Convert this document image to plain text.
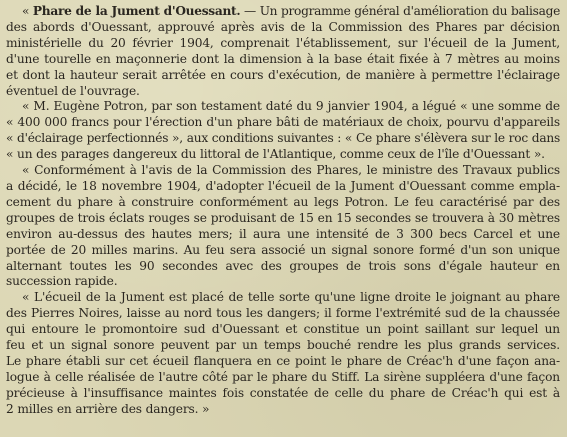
« Phare de la Jument d'Ouessant. — Un programme général d'amélioration du balisage
des abords d'Ouessant, approuvé après avis de la Commission des Phares par décision
ministérielle du 20 février 1904, comprenait l'établissement, sur l'écueil de la Jument,
d'une tourelle en maçonnerie dont la dimension à la base était fixée à 7 mètres au moins
et dont la hauteur serait arrêtée en cours d'exécution, de manière à permettre l'éclairage
éventuel de l'ouvrage.

« M. Eugène Potron, par son testament daté du 9 janvier 1904, a légué « une somme de
« 400 000 francs pour l'érection d'un phare bâti de matériaux de choix, pourvu d'appareils
« d'éclairage perfectionnés », aux conditions suivantes : « Ce phare s'élèvera sur le roc dans
« un des parages dangereux du littoral de l'Atlantique, comme ceux de l'île d'Ouessant ».

« Conformément à l'avis de la Commission des Phares, le ministre des Travaux publics
a décidé, le 18 novembre 1904, d'adopter l'écueil de la Jument d'Ouessant comme empla-
cement du phare à construire conformément au legs Potron. Le feu caractérisé par des
groupes de trois éclats rouges se produisant de 15 en 15 secondes se trouvera à 30 mètres
environ au-dessus des hautes mers; il aura une intensité de 3 300 becs Carcel et une
portée de 20 milles marins. Au feu sera associé un signal sonore formé d'un son unique
alternant toutes les 90 secondes avec des groupes de trois sons d'égale hauteur en
succession rapide.

« L'écueil de la Jument est placé de telle sorte qu'une ligne droite le joignant au phare
des Pierres Noires, laisse au nord tous les dangers; il forme l'extrémité sud de la chaussée
qui entoure le promontoire sud d'Ouessant et constitue un point saillant sur lequel un
feu et un signal sonore peuvent par un temps bouché rendre les plus grands services.
Le phare établi sur cet écueil flanquera en ce point le phare de Créac'h d'une façon ana-
logue à celle réalisée de l'autre côté par le phare du Stiff. La sirène suppléera d'une façon
précieuse à l'insuffisance maintes fois constatée de celle du phare de Créac'h qui est à
2 milles en arrière des dangers. »
